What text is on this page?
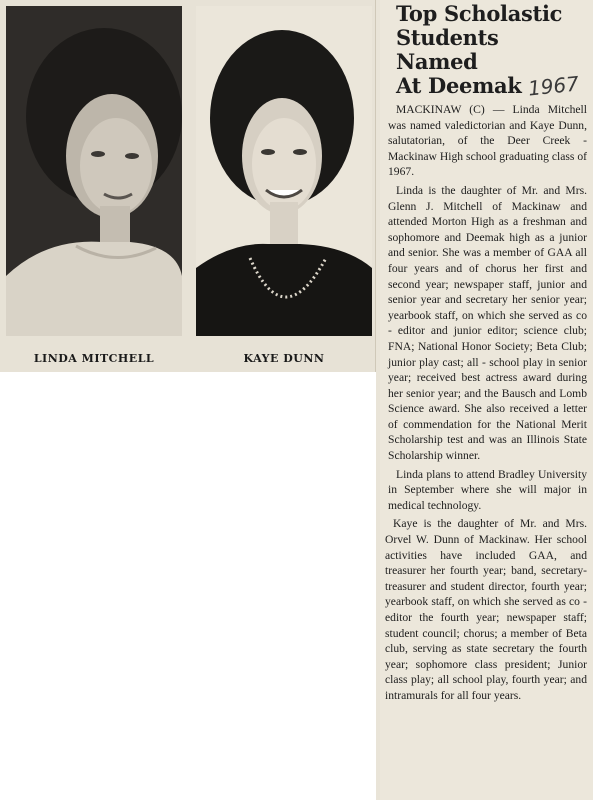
LINDA MITCHELL	KAYE DUNN
Top Scholastic
Students Named
At Deemak 1967

MACKINAW (C) — Linda Mitchell was named valedictorian and Kaye Dunn, salutatorian, of the Deer Creek - Mackinaw High school graduating class of 1967.

Linda is the daughter of Mr. and Mrs. Glenn J. Mitchell of Mackinaw and attended Morton High as a freshman and sophomore and Deemak high as a junior and senior. She was a member of GAA all four years and of chorus her first and second year; newspaper staff, junior and senior year and secretary her senior year; yearbook staff, on which she served as co - editor and junior editor; science club; FNA; National Honor Society; Beta Club; junior play cast; all - school play in senior year; received best actress award during her senior year; and the Bausch and Lomb Science award. She also received a letter of commendation for the National Merit Scholarship test and was an Illinois State Scholarship winner.

Linda plans to attend Bradley University in September where she will major in medical technology.

Kaye is the daughter of Mr. and Mrs. Orvel W. Dunn of Mackinaw. Her school activities have included GAA, and treasurer her fourth year; band, secretary-treasurer and student director, fourth year; yearbook staff, on which she served as co - editor the fourth year; newspaper staff; student council; chorus; a member of Beta club, serving as state secretary the fourth year; sophomore class president; Junior class play; all school play, fourth year; and intramurals for all four years.
